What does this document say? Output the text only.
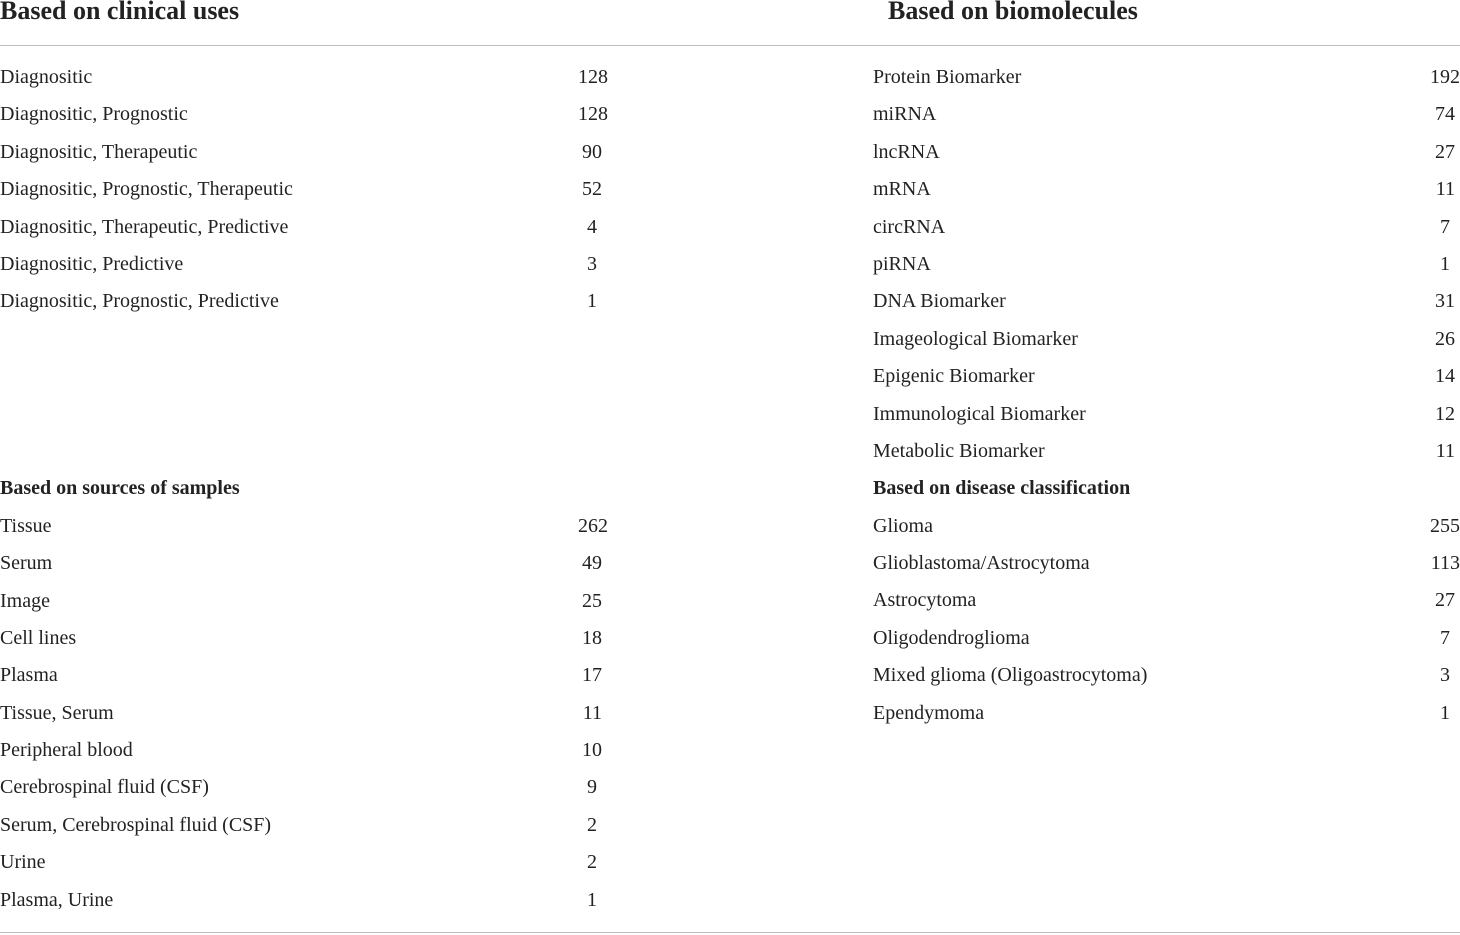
Based on clinical uses	Based on biomolecules
Diagnositic	128
Diagnositic, Prognostic	128
Diagnositic, Therapeutic	90
Diagnositic, Prognostic, Therapeutic	52
Diagnositic, Therapeutic, Predictive	4
Diagnositic, Predictive	3
Diagnositic, Prognostic, Predictive	1
Based on sources of samples
Tissue	262
Serum	49
Image	25
Cell lines	18
Plasma	17
Tissue, Serum	11
Peripheral blood	10
Cerebrospinal fluid (CSF)	9
Serum, Cerebrospinal fluid (CSF)	2
Urine	2
Plasma, Urine	1
Protein Biomarker	192
miRNA	74
lncRNA	27
mRNA	11
circRNA	7
piRNA	1
DNA Biomarker	31
Imageological Biomarker	26
Epigenic Biomarker	14
Immunological Biomarker	12
Metabolic Biomarker	11
Based on disease classification
Glioma	255
Glioblastoma/Astrocytoma	113
Astrocytoma	27
Oligodendroglioma	7
Mixed glioma (Oligoastrocytoma)	3
Ependymoma	1
